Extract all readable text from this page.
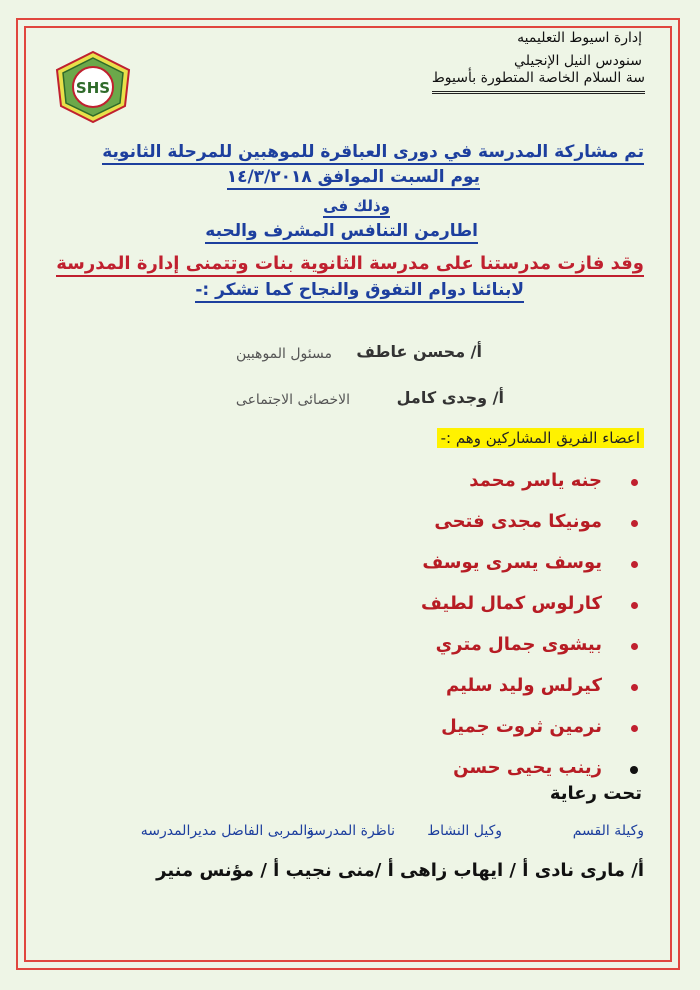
SHS
إدارة اسيوط التعليميه
سنودس النيل الإنجيلي
سة السلام الخاصة المتطورة بأسيوط
تم مشاركة المدرسة في دورى العباقرة للموهبين للمرحلة الثانوية
يوم السبت الموافق ١٤/٣/٢٠١٨
وذلك فى
اطارمن التنافس المشرف والحبه
وقد فازت مدرستنا على مدرسة الثانوية بنات وتتمنى إدارة المدرسة
لابنائنا دوام التفوق والنجاح كما تشكر :-
أ/ محسن عاطف
مسئول الموهبين
أ/ وجدى كامل
الاخصائى الاجتماعى
اعضاء الفريق المشاركين وهم :-
جنه ياسر محمد
مونيكا مجدى فتحى
يوسف يسرى يوسف
كارلوس كمال لطيف
بيشوى جمال متري
كيرلس وليد سليم
نرمين ثروت جميل
زينب يحيى حسن
تحت رعاية
وكيلة القسم
وكيل النشاط
ناظرة المدرسة
والمربى الفاضل مديرالمدرسه
أ/ مارى نادى أ / ايهاب زاهى أ /منى نجيب أ / مؤنس منير
